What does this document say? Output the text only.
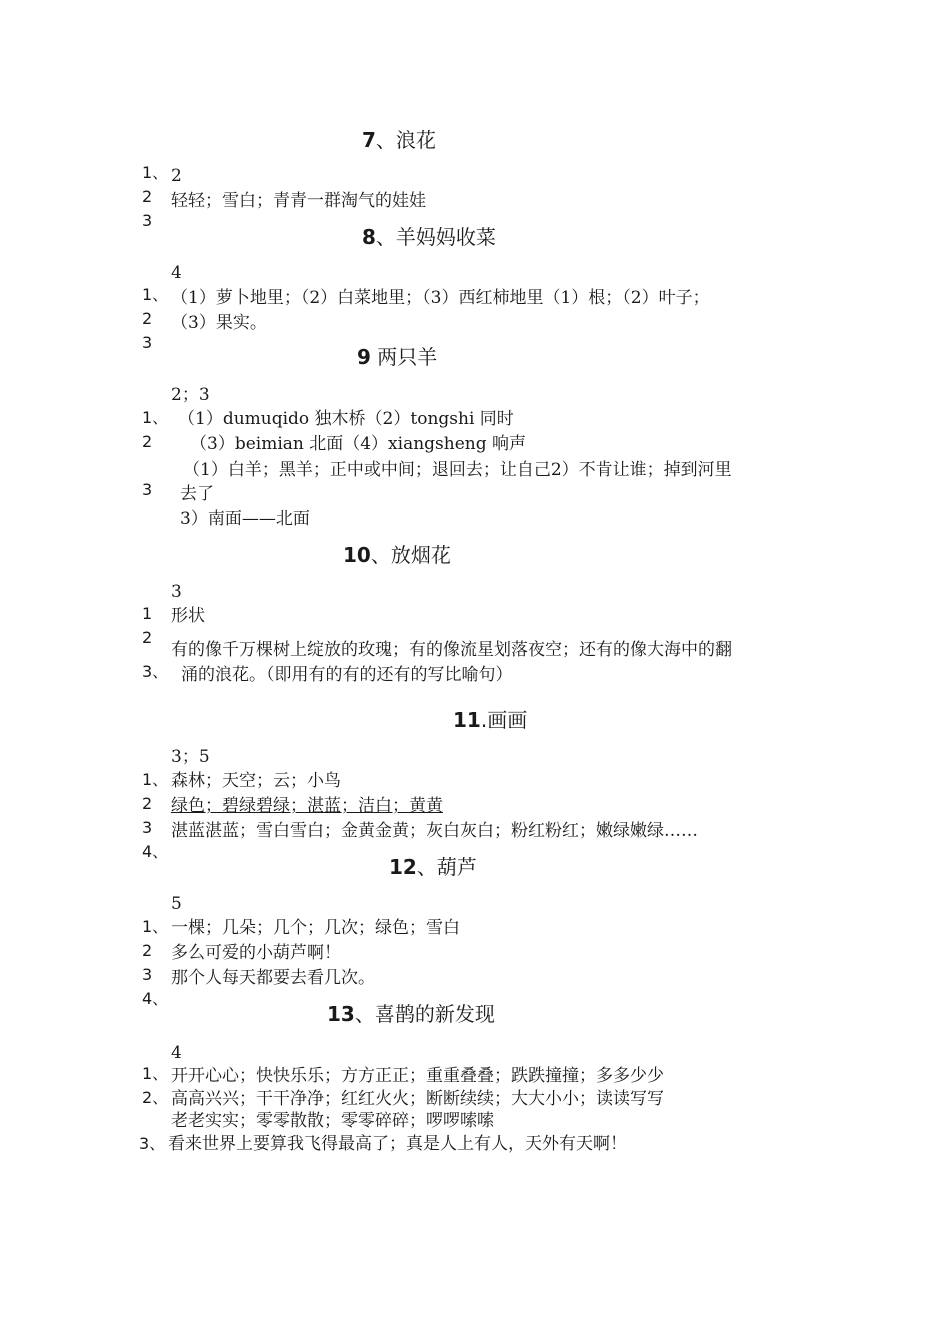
7、浪花
1、 2
2 轻轻；雪白；青青一群淘气的娃娃
3
8、羊妈妈收菜
4
1、 （1）萝卜地里；（2）白菜地里；（3）西红柿地里（1）根；（2）叶子；
2 （3）果实。
3
9 两只羊
2；3
1、 （1）dumuqido 独木桥（2）tongshi 同时
2 （3）beimian 北面（4）xiangsheng 响声
（1）白羊；黑羊；正中或中间；退回去；让自己2）不肯让谁；掉到河里
3 去了
3）南面——北面
10、放烟花
3
1 形状
2
有的像千万棵树上绽放的玫瑰；有的像流星划落夜空；还有的像大海中的翻
3、 涌的浪花。（即用有的有的还有的写比喻句）
11.画画
3；5
1、 森林；天空；云；小鸟
2 绿色；碧绿碧绿；湛蓝；洁白；黄黄
3 湛蓝湛蓝；雪白雪白；金黄金黄；灰白灰白；粉红粉红；嫩绿嫩绿……
4、
12、葫芦
5
1、 一棵；几朵；几个；几次；绿色；雪白
2 多么可爱的小葫芦啊！
3 那个人每天都要去看几次。
4、
13、喜鹊的新发现
4
1、 开开心心；快快乐乐；方方正正；重重叠叠；跌跌撞撞；多多少少
2、 高高兴兴；干干净净；红红火火；断断续续；大大小小；读读写写
老老实实；零零散散；零零碎碎；啰啰嗦嗦
3、 看来世界上要算我飞得最高了；真是人上有人，天外有天啊！
